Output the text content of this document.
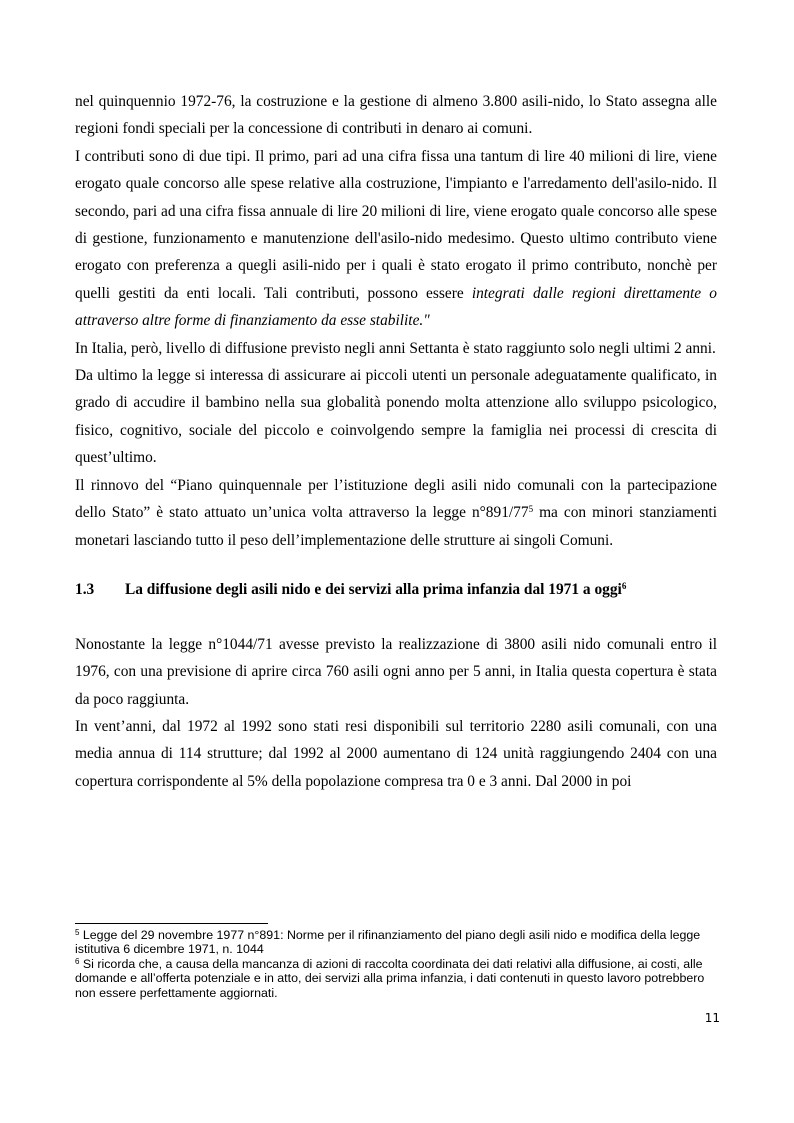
nel quinquennio 1972-76, la costruzione e la gestione di almeno 3.800 asili-nido, lo Stato assegna alle regioni fondi speciali per la concessione di contributi in denaro ai comuni.

I contributi sono di due tipi. Il primo, pari ad una cifra fissa una tantum di lire 40 milioni di lire, viene erogato quale concorso alle spese relative alla costruzione, l'impianto e l'arredamento dell'asilo-nido. Il secondo, pari ad una cifra fissa annuale di lire 20 milioni di lire, viene erogato quale concorso alle spese di gestione, funzionamento e manutenzione dell'asilo-nido medesimo. Questo ultimo contributo viene erogato con preferenza a quegli asili-nido per i quali è stato erogato il primo contributo, nonchè per quelli gestiti da enti locali. Tali contributi, possono essere integrati dalle regioni direttamente o attraverso altre forme di finanziamento da esse stabilite."

In Italia, però, livello di diffusione previsto negli anni Settanta è stato raggiunto solo negli ultimi 2 anni.

Da ultimo la legge si interessa di assicurare ai piccoli utenti un personale adeguatamente qualificato, in grado di accudire il bambino nella sua globalità ponendo molta attenzione allo sviluppo psicologico, fisico, cognitivo, sociale del piccolo e coinvolgendo sempre la famiglia nei processi di crescita di quest’ultimo.

Il rinnovo del “Piano quinquennale per l’istituzione degli asili nido comunali con la partecipazione dello Stato” è stato attuato un’unica volta attraverso la legge $n^\circ 891/77^5$ ma con minori stanziamenti monetari lasciando tutto il peso dell’implementazione delle strutture ai singoli Comuni.

1.3	La diffusione degli asili nido e dei servizi alla prima infanzia dal 1971 a oggi$^6$

Nonostante la legge n°1044/71 avesse previsto la realizzazione di 3800 asili nido comunali entro il 1976, con una previsione di aprire circa 760 asili ogni anno per 5 anni, in Italia questa copertura è stata da poco raggiunta.

In vent’anni, dal 1972 al 1992 sono stati resi disponibili sul territorio 2280 asili comunali, con una media annua di 114 strutture; dal 1992 al 2000 aumentano di 124 unità raggiungendo 2404 con una copertura corrispondente al 5% della popolazione compresa tra 0 e 3 anni. Dal 2000 in poi

$^5$ Legge del 29 novembre 1977 n°891: Norme per il rifinanziamento del piano degli asili nido e modifica della legge istitutiva 6 dicembre 1971, n. 1044

$^6$ Si ricorda che, a causa della mancanza di azioni di raccolta coordinata dei dati relativi alla diffusione, ai costi, alle domande e all’offerta potenziale e in atto, dei servizi alla prima infanzia, i dati contenuti in questo lavoro potrebbero non essere perfettamente aggiornati.

11
